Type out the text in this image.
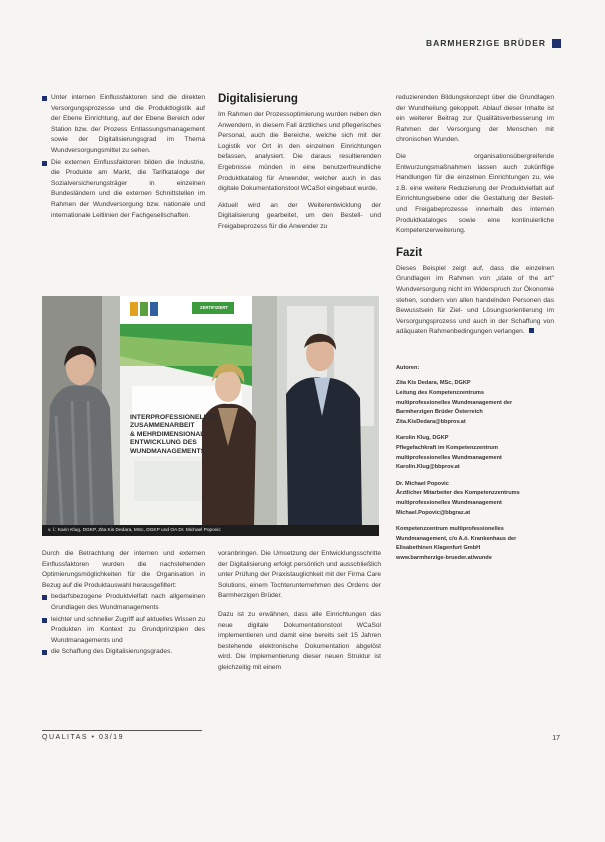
BARMHERZIGE BRÜDER
Unter internen Einflussfaktoren sind die direkten Versorgungsprozesse und die Produktlogistik auf der Ebene Einrichtung, auf der Ebene Bereich oder Station bzw. der Prozess Entlassungsmanagement sowie der Digitalisierungsgrad im Thema Wundversorgungsmittel zu sehen.
Die externen Einflussfaktoren bilden die Industrie, die Produkte am Markt, die Tarifkataloge der Sozialversicherungsträger in einzelnen Bundesländern und die externen Schnittstellen im Rahmen der Wundversorgung bzw. nationale und internationale Leitlinien der Fachgesellschaften.
Digitalisierung

Im Rahmen der Prozessoptimierung wurden neben den Anwendern, in diesem Fall ärztliches und pflegerisches Personal, auch die Bereiche, welche sich mit der Logistik vor Ort in den einzelnen Einrichtungen befassen, analysiert. Die daraus resultierenden Ergebnisse münden in eine benutzerfreundliche Produktkatalog für Anwender, welcher auch in das digitale Dokumentationstool WCaSol eingebaut wurde.

Aktuell wird an der Weiterentwicklung der Digitalisierung gearbeitet, um den Bestell- und Freigabeprozess für die Anwender zu

reduzierenden Bildungskonzept über die Grundlagen der Wundheilung gekoppelt. Ablauf dieser Inhalte ist ein weiterer Beitrag zur Qualitätsverbesserung im Rahmen der Versorgung der Menschen mit chronischen Wunden.

Die organisationsübergreifende Entwurzungsmaßnahmen lassen auch zukünftige Handlungen für die einzelnen Einrichtungen zu, wie z.B. eine weitere Reduzierung der Produktvielfalt auf Einrichtungsebene oder die Gestaltung der Bestell- und Freigabeprozesse innerhalb des internen Produktkataloges sowie eine kontinuierliche Kompetenzerweiterung.

Fazit

Dieses Beispiel zeigt auf, dass die einzelnen Grundlagen im Rahmen von „state of the art" Wundversorgung nicht im Widerspruch zur Ökonomie stehen, sondern von allen handelnden Personen das Bewusstsein für Ziel- und Lösungsorientierung im Versorgungsprozess und auch in der Schaffung von adäquaten Rahmenbedingungen verlangen.

Autoren:

Zita Kis Dedara, MSc, DGKP

Leitung des Kompetenzzentrums

multiprofessionelles Wundmanagement der

Barmherzigen Brüder Österreich

Zita.KisDedara@bbprov.at

Karolin Klug, DGKP

Pflegefachkraft im Kompetenzzentrum

multiprofessionelles Wundmanagement

Karolin.Klug@bbprov.at

Dr. Michael Popovic

Ärztlicher Mitarbeiter des Kompetenzzentrums multiprofessionelles Wundmanagement

Michael.Popovic@bbgraz.at

Kompetenzzentrum multiprofessionelles

Wundmanagement, c/o A.ö. Krankenhaus der

Elisabethinen Klagenfurt GmbH

www.barmherzige-brueder.at/wunde

INTERPROFESSIONELLES
ZUSAMMENARBEIT
& MEHRDIMENSIONALE
ENTWICKLUNG DES
WUNDMANAGEMENTS
ZERTIFIZIERT
v. l.: Karin Klug, DGKP, Zita Kis Dedara, MSc, DGKP und OA Dr. Michael Popovic

Durch die Betrachtung der internen und externen Einflussfaktoren wurden die nachstehenden Optimierungsmöglichkeiten für die Organisation in Bezug auf die Produktauswahl herausgefiltert:

bedarfsbezogene Produktvielfalt nach allgemeinen Grundlagen des Wundmanagements
leichter und schneller Zugriff auf aktuelles Wissen zu Produkten im Kontext zu Grundprinzipien des Wundmanagements und
die Schaffung des Digitalisierungsgrades.

voranbringen. Die Umsetzung der Entwicklungsschritte der Digitalisierung erfolgt persönlich und ausschließlich unter Prüfung der Praxistauglichkeit mit der Firma Care Solutions, einem Tochterunternehmen des Ordens der Barmherzigen Brüder.

Dazu ist zu erwähnen, dass alle Einrichtungen das neue digitale Dokumentationstool WCaSol implementieren und damit eine bereits seit 15 Jahren bestehende elektronische Dokumentation abgelöst wird. Die Implementierung dieser neuen Struktur ist gleichzeitig mit einem

QUALITAS • 03/19	17
